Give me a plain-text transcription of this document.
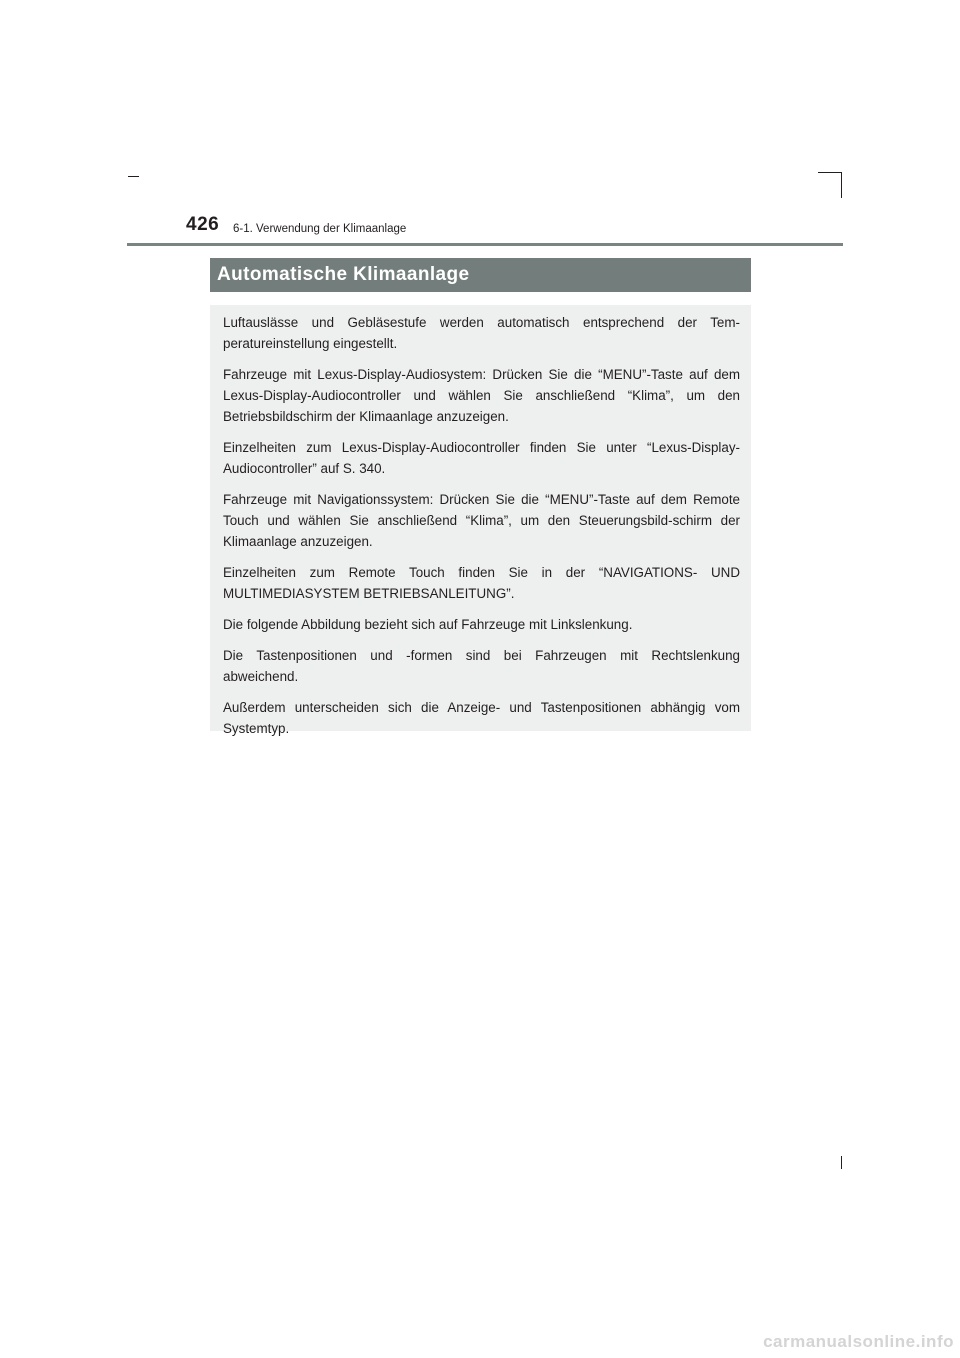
426 6-1. Verwendung der Klimaanlage
Automatische Klimaanlage

Luftauslässe und Gebläsestufe werden automatisch entsprechend der Tem-peratureinstellung eingestellt.

Fahrzeuge mit Lexus-Display-Audiosystem: Drücken Sie die “MENU”-Taste auf dem Lexus-Display-Audiocontroller und wählen Sie anschließend “Klima”, um den Betriebsbildschirm der Klimaanlage anzuzeigen.

Einzelheiten zum Lexus-Display-Audiocontroller finden Sie unter “Lexus-Display-Audiocontroller” auf S. 340.

Fahrzeuge mit Navigationssystem: Drücken Sie die “MENU”-Taste auf dem Remote Touch und wählen Sie anschließend “Klima”, um den Steuerungsbild-schirm der Klimaanlage anzuzeigen.

Einzelheiten zum Remote Touch finden Sie in der “NAVIGATIONS- UND MULTIMEDIASYSTEM BETRIEBSANLEITUNG”.

Die folgende Abbildung bezieht sich auf Fahrzeuge mit Linkslenkung.

Die Tastenpositionen und -formen sind bei Fahrzeugen mit Rechtslenkung abweichend.

Außerdem unterscheiden sich die Anzeige- und Tastenpositionen abhängig vom Systemtyp.

carmanualsonline.info
